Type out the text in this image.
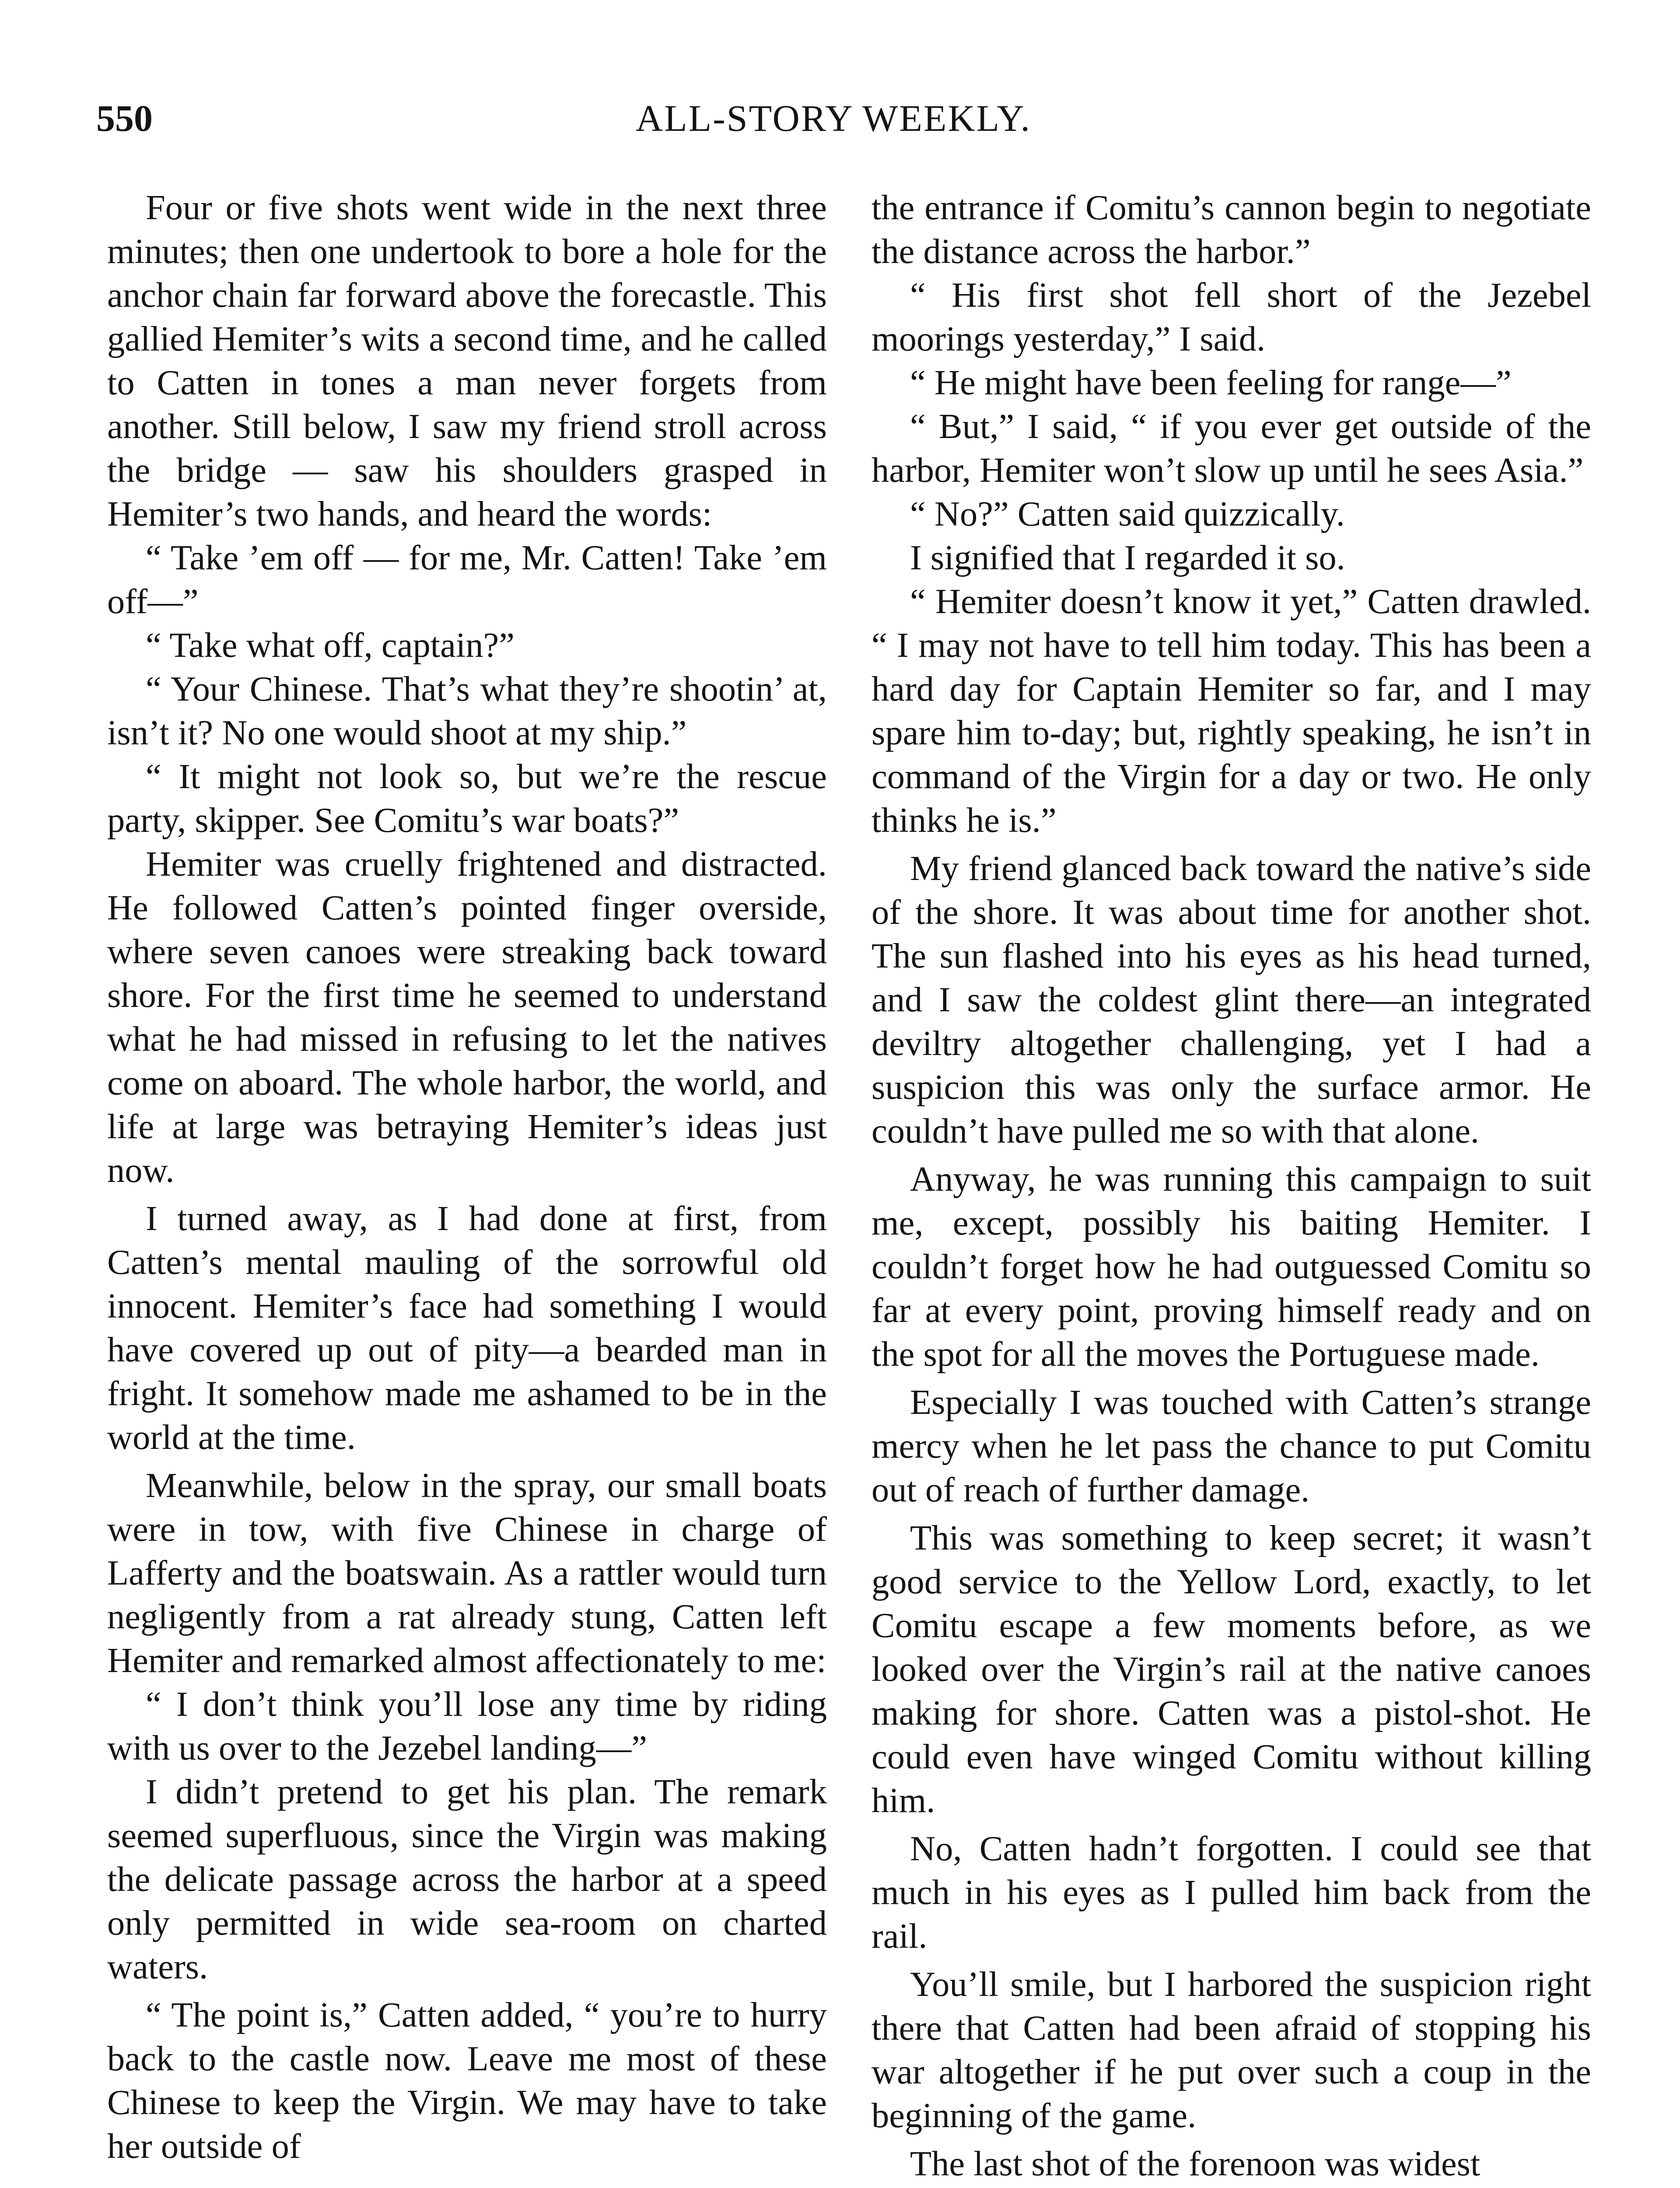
550	ALL-STORY WEEKLY.

Four or five shots went wide in the next three minutes; then one undertook to bore a hole for the anchor chain far forward above the forecastle. This gallied Hemiter’s wits a second time, and he called to Catten in tones a man never forgets from another. Still below, I saw my friend stroll across the bridge — saw his shoulders grasped in Hemiter’s two hands, and heard the words:

“ Take ’em off — for me, Mr. Catten! Take ’em off—”

“ Take what off, captain?”

“ Your Chinese. That’s what they’re shootin’ at, isn’t it? No one would shoot at my ship.”

“ It might not look so, but we’re the rescue party, skipper. See Comitu’s war boats?”

Hemiter was cruelly frightened and distracted. He followed Catten’s pointed finger overside, where seven canoes were streaking back toward shore. For the first time he seemed to understand what he had missed in refusing to let the natives come on aboard. The whole harbor, the world, and life at large was betraying Hemiter’s ideas just now.

I turned away, as I had done at first, from Catten’s mental mauling of the sorrowful old innocent. Hemiter’s face had something I would have covered up out of pity—a bearded man in fright. It somehow made me ashamed to be in the world at the time.

Meanwhile, below in the spray, our small boats were in tow, with five Chinese in charge of Lafferty and the boatswain. As a rattler would turn negligently from a rat already stung, Catten left Hemiter and remarked almost affectionately to me:

“ I don’t think you’ll lose any time by riding with us over to the Jezebel landing—”

I didn’t pretend to get his plan. The remark seemed superfluous, since the Virgin was making the delicate passage across the harbor at a speed only permitted in wide sea-room on charted waters.

“ The point is,” Catten added, “ you’re to hurry back to the castle now. Leave me most of these Chinese to keep the Virgin. We may have to take her outside of

the entrance if Comitu’s cannon begin to negotiate the distance across the harbor.”

“ His first shot fell short of the Jezebel moorings yesterday,” I said.

“ He might have been feeling for range—”

“ But,” I said, “ if you ever get outside of the harbor, Hemiter won’t slow up until he sees Asia.”

“ No?” Catten said quizzically.

I signified that I regarded it so.

“ Hemiter doesn’t know it yet,” Catten drawled. “ I may not have to tell him today. This has been a hard day for Captain Hemiter so far, and I may spare him to-day; but, rightly speaking, he isn’t in command of the Virgin for a day or two. He only thinks he is.”

My friend glanced back toward the native’s side of the shore. It was about time for another shot. The sun flashed into his eyes as his head turned, and I saw the coldest glint there—an integrated deviltry altogether challenging, yet I had a suspicion this was only the surface armor. He couldn’t have pulled me so with that alone.

Anyway, he was running this campaign to suit me, except, possibly his baiting Hemiter. I couldn’t forget how he had outguessed Comitu so far at every point, proving himself ready and on the spot for all the moves the Portuguese made.

Especially I was touched with Catten’s strange mercy when he let pass the chance to put Comitu out of reach of further damage.

This was something to keep secret; it wasn’t good service to the Yellow Lord, exactly, to let Comitu escape a few moments before, as we looked over the Virgin’s rail at the native canoes making for shore. Catten was a pistol-shot. He could even have winged Comitu without killing him.

No, Catten hadn’t forgotten. I could see that much in his eyes as I pulled him back from the rail.

You’ll smile, but I harbored the suspicion right there that Catten had been afraid of stopping his war altogether if he put over such a coup in the beginning of the game.

The last shot of the forenoon was widest
